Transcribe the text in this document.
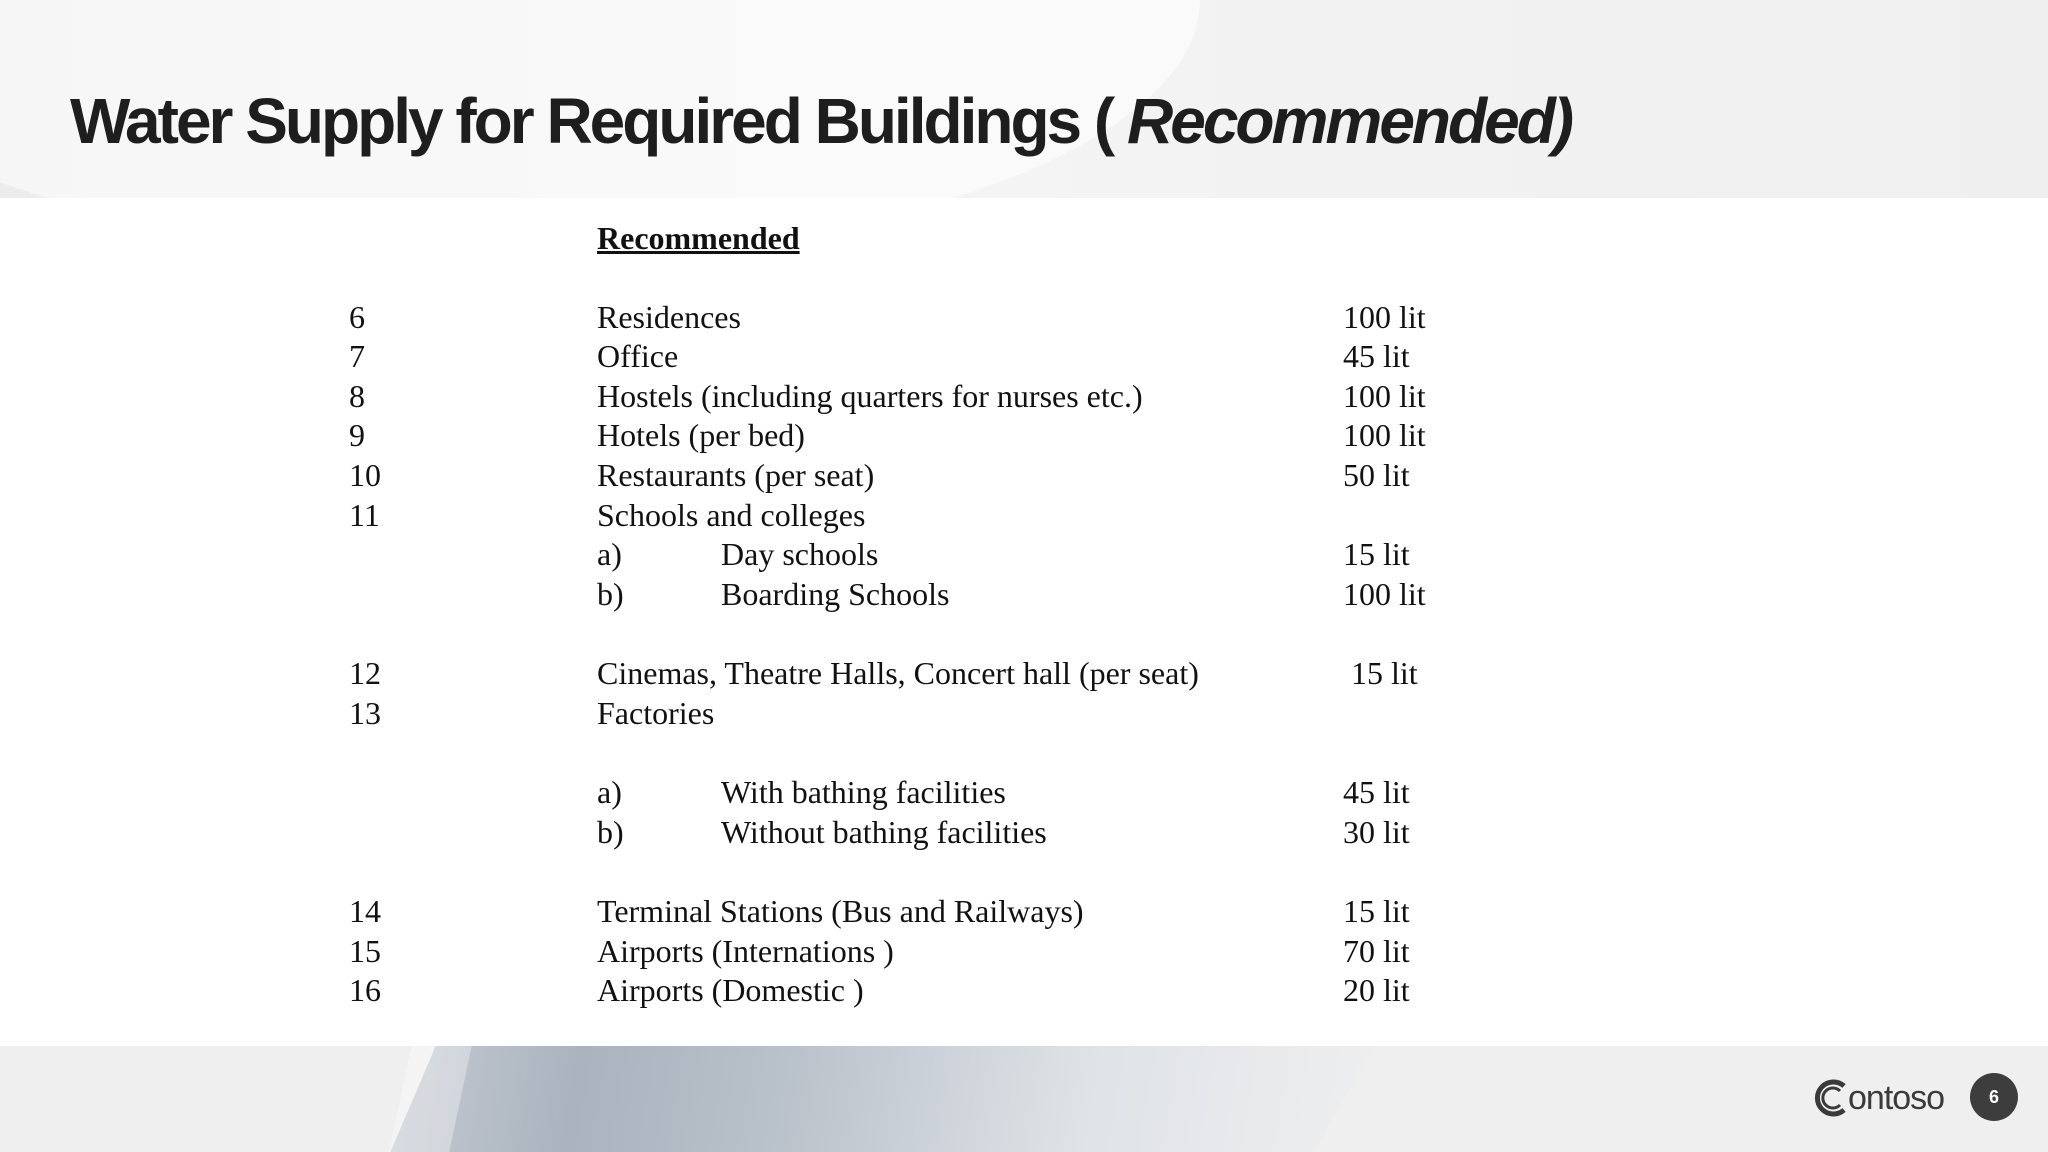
Water Supply for Required Buildings ( Recommended)
Recommended
6	Residences	100 lit
7	Office	45 lit
8	Hostels (including quarters for nurses etc.)	100 lit
9	Hotels (per bed)	100 lit
10	Restaurants (per seat)	50 lit
11	Schools and colleges
a)	Day schools	15 lit
b)	Boarding Schools	100 lit
12	Cinemas, Theatre Halls, Concert hall (per seat)	15 lit
13	Factories
a)	With bathing facilities	45 lit
b)	Without bathing facilities	30 lit
14	Terminal Stations (Bus and Railways)	15 lit
15	Airports (Internations )	70 lit
16	Airports (Domestic )	20 lit
ontoso	6
